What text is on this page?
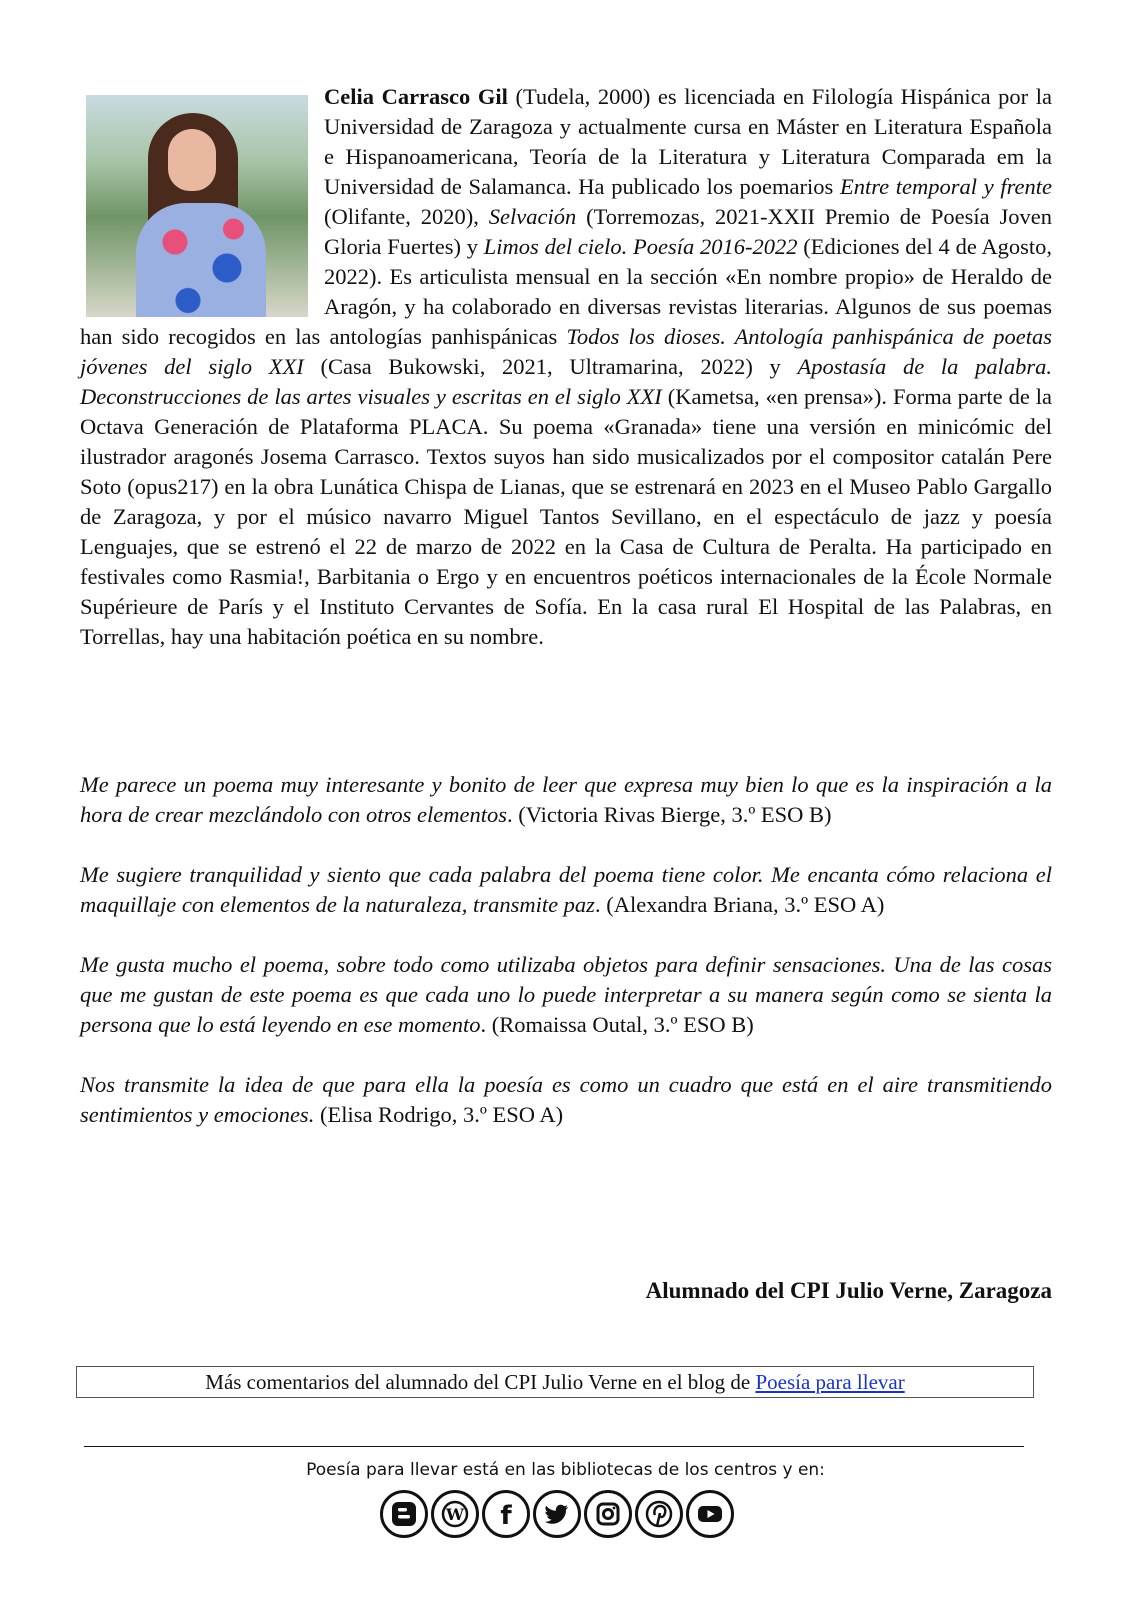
Celia Carrasco Gil (Tudela, 2000) es licenciada en Filología Hispánica por la Universidad de Zaragoza y actualmente cursa en Máster en Literatura Española e Hispanoamericana, Teoría de la Literatura y Literatura Comparada em la Universidad de Salamanca. Ha publicado los poemarios Entre temporal y frente (Olifante, 2020), Selvación (Torremozas, 2021-XXII Premio de Poesía Joven Gloria Fuertes) y Limos del cielo. Poesía 2016-2022 (Ediciones del 4 de Agosto, 2022). Es articulista mensual en la sección «En nombre propio» de Heraldo de Aragón, y ha colaborado en diversas revistas literarias. Algunos de sus poemas han sido recogidos en las antologías panhispánicas Todos los dioses. Antología panhispánica de poetas jóvenes del siglo XXI (Casa Bukowski, 2021, Ultramarina, 2022) y Apostasía de la palabra. Deconstrucciones de las artes visuales y escritas en el siglo XXI (Kametsa, «en prensa»). Forma parte de la Octava Generación de Plataforma PLACA. Su poema «Granada» tiene una versión en minicómic del ilustrador aragonés Josema Carrasco. Textos suyos han sido musicalizados por el compositor catalán Pere Soto (opus217) en la obra Lunática Chispa de Lianas, que se estrenará en 2023 en el Museo Pablo Gargallo de Zaragoza, y por el músico navarro Miguel Tantos Sevillano, en el espectáculo de jazz y poesía Lenguajes, que se estrenó el 22 de marzo de 2022 en la Casa de Cultura de Peralta. Ha participado en festivales como Rasmia!, Barbitania o Ergo y en encuentros poéticos internacionales de la École Normale Supérieure de París y el Instituto Cervantes de Sofía. En la casa rural El Hospital de las Palabras, en Torrellas, hay una habitación poética en su nombre.

Me parece un poema muy interesante y bonito de leer que expresa muy bien lo que es la inspiración a la hora de crear mezclándolo con otros elementos. (Victoria Rivas Bierge, 3.º ESO B)

Me sugiere tranquilidad y siento que cada palabra del poema tiene color. Me encanta cómo relaciona el maquillaje con elementos de la naturaleza, transmite paz. (Alexandra Briana, 3.º ESO A)

Me gusta mucho el poema, sobre todo como utilizaba objetos para definir sensaciones. Una de las cosas que me gustan de este poema es que cada uno lo puede interpretar a su manera según como se sienta la persona que lo está leyendo en ese momento. (Romaissa Outal, 3.º ESO B)

Nos transmite la idea de que para ella la poesía es como un cuadro que está en el aire transmitiendo sentimientos y emociones. (Elisa Rodrigo, 3.º ESO A)

Alumnado del CPI Julio Verne, Zaragoza
Más comentarios del alumnado del CPI Julio Verne en el blog de Poesía para llevar
Poesía para llevar está en las bibliotecas de los centros y en:
W f
